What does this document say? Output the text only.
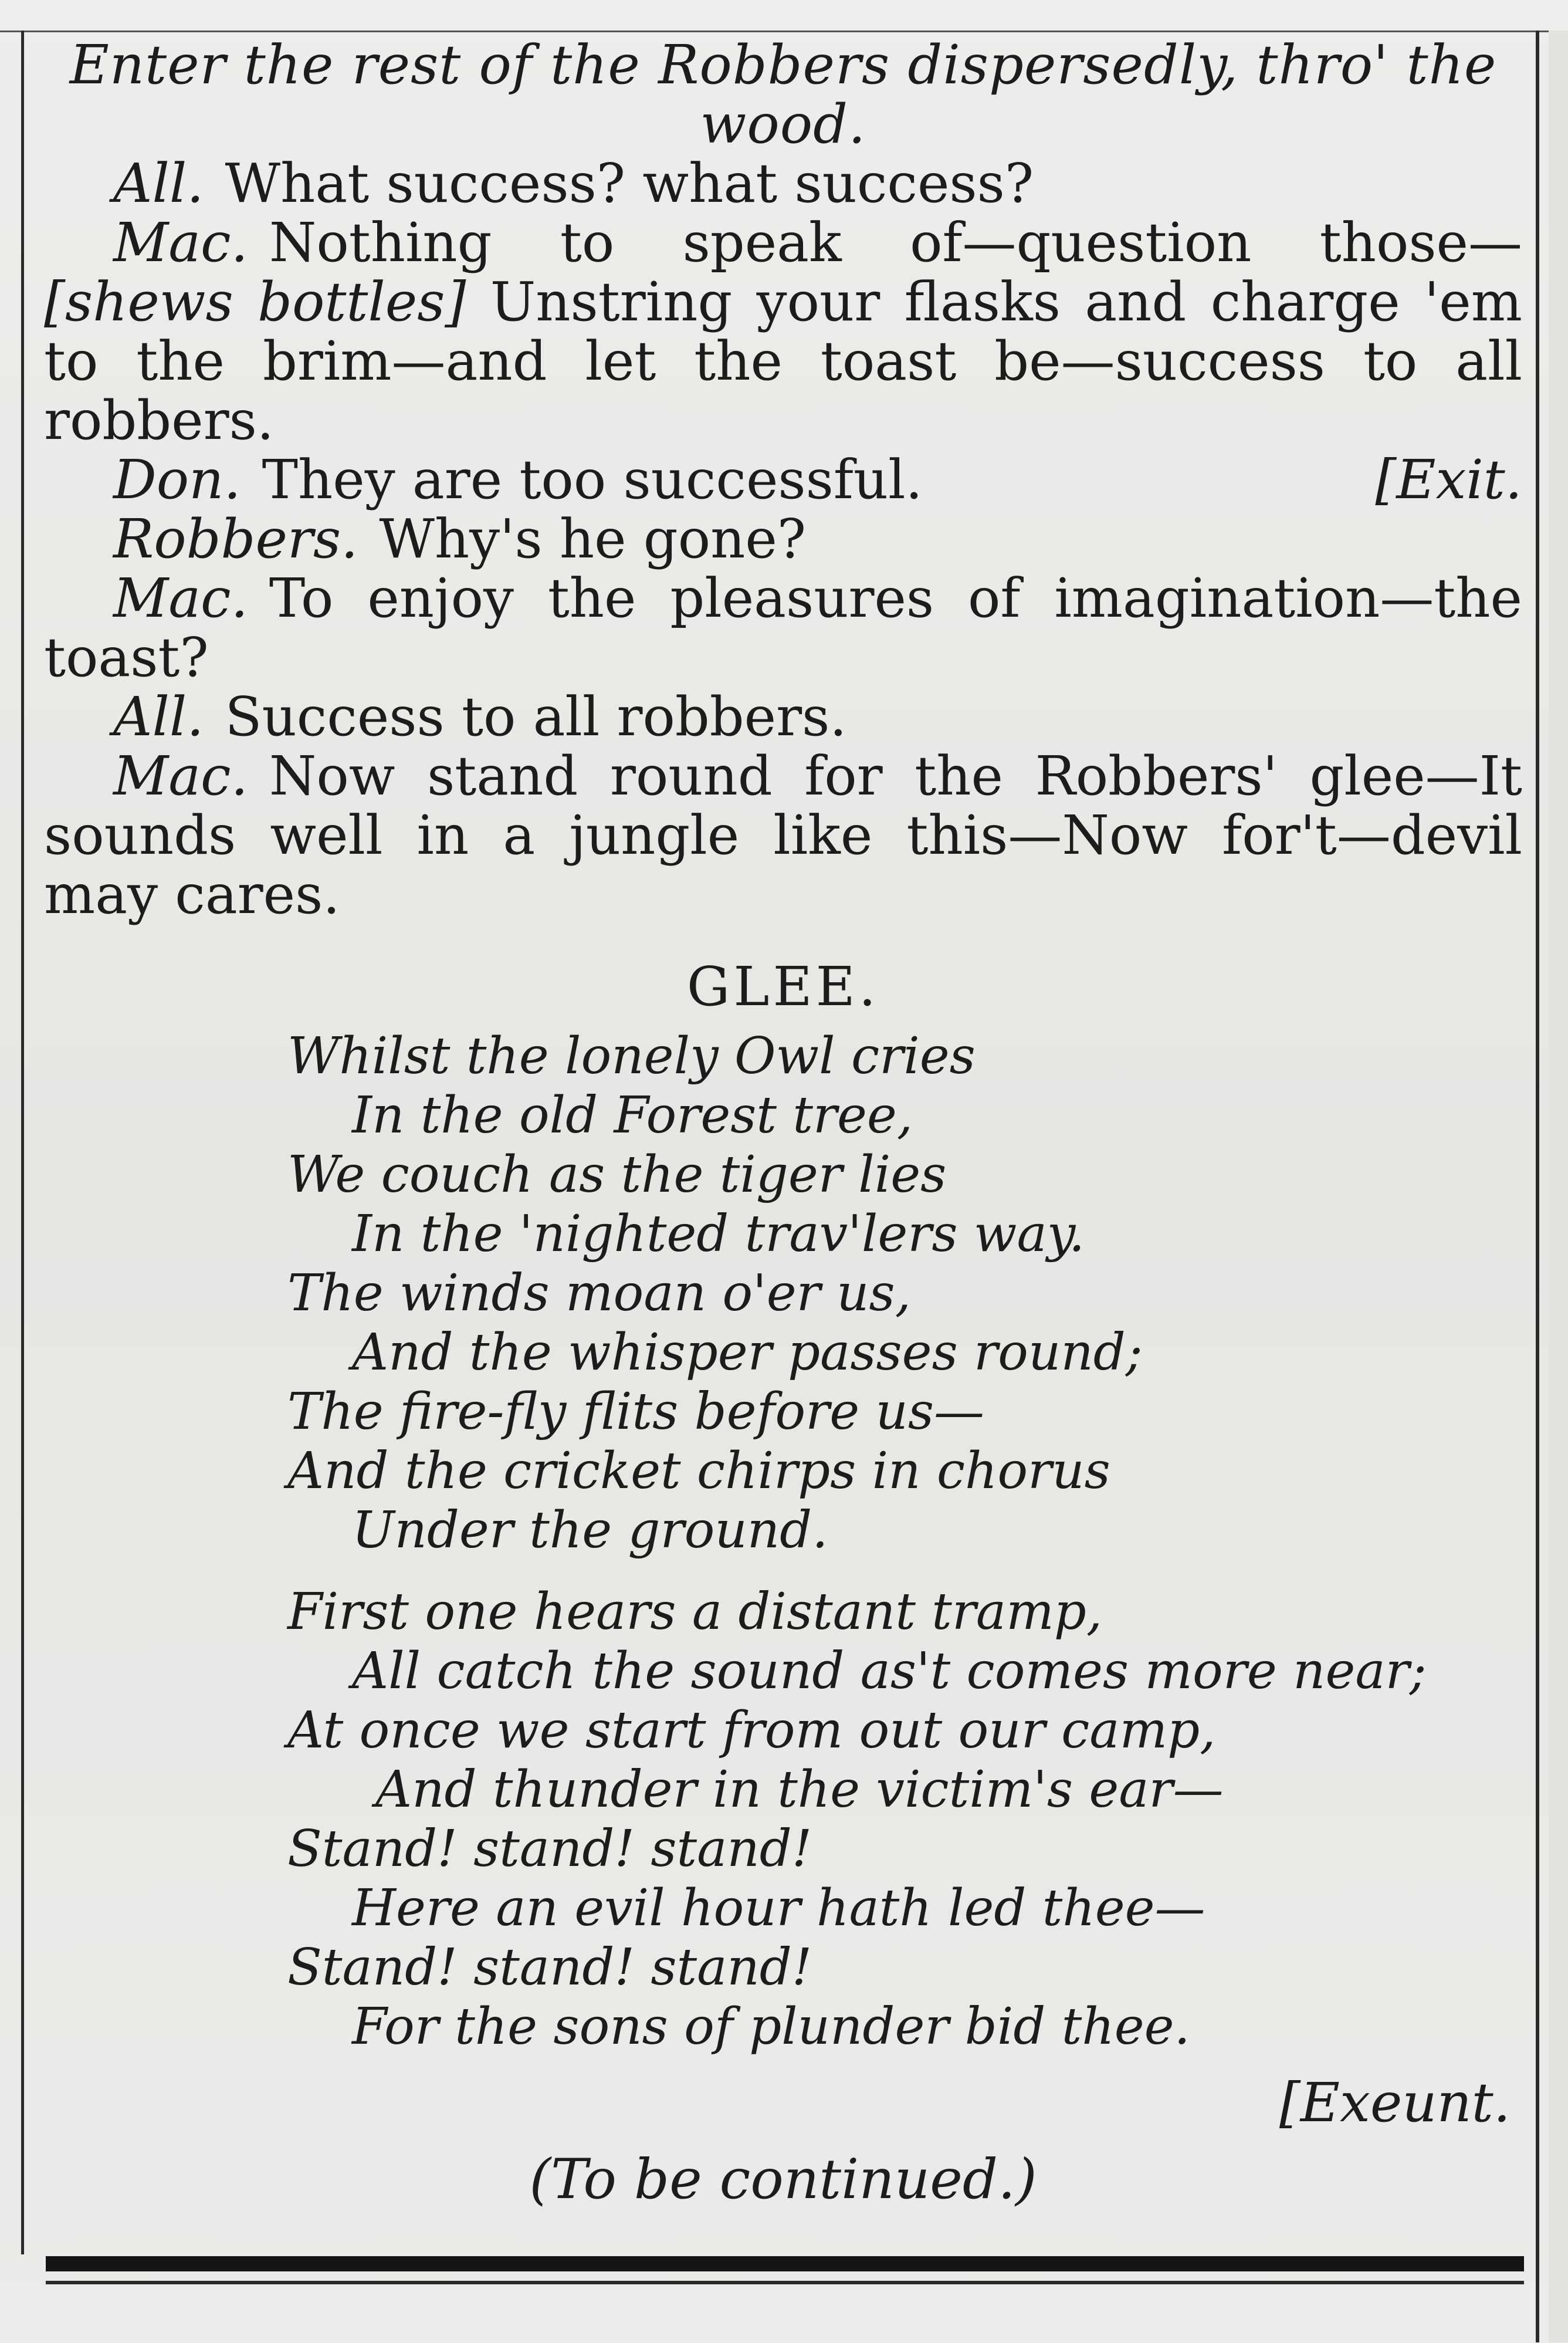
Enter the rest of the Robbers dispersedly, thro' the wood.

All. What success? what success?

Mac. Nothing to speak of—question those— [shews bottles] Unstring your flasks and charge 'em to the brim—and let the toast be—success to all robbers.

Don. They are too successful.	[Exit.

Robbers. Why's he gone?

Mac. To enjoy the pleasures of imagination—the toast?

All. Success to all robbers.

Mac. Now stand round for the Robbers' glee—It sounds well in a jungle like this—Now for't—devil may cares.

GLEE.
Whilst the lonely Owl cries
In the old Forest tree,
We couch as the tiger lies
In the 'nighted trav'lers way.
The winds moan o'er us,
And the whisper passes round;
The fire-fly flits before us—
And the cricket chirps in chorus
Under the ground.
First one hears a distant tramp,
All catch the sound as't comes more near;
At once we start from out our camp,
And thunder in the victim's ear—
Stand! stand! stand!
Here an evil hour hath led thee—
Stand! stand! stand!
For the sons of plunder bid thee.
[Exeunt.
(To be continued.)
